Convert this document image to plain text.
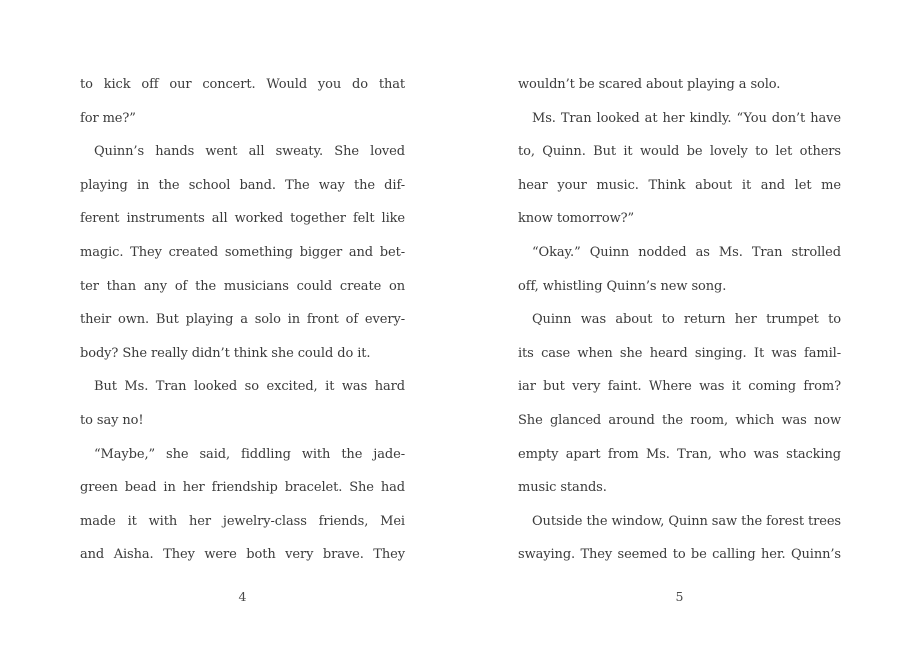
to kick off our concert. Would you do that
for me?”
Quinn’s hands went all sweaty. She loved
playing in the school band. The way the dif-
ferent instruments all worked together felt like
magic. They created something bigger and bet-
ter than any of the musicians could create on
their own. But playing a solo in front of every-
body? She really didn’t think she could do it.
But Ms. Tran looked so excited, it was hard
to say no!
“Maybe,” she said, fiddling with the jade-
green bead in her friendship bracelet. She had
made it with her jewelry-class friends, Mei
and Aisha. They were both very brave. They
wouldn’t be scared about playing a solo.
Ms. Tran looked at her kindly. “You don’t have
to, Quinn. But it would be lovely to let others
hear your music. Think about it and let me
know tomorrow?”
“Okay.” Quinn nodded as Ms. Tran strolled
off, whistling Quinn’s new song.
Quinn was about to return her trumpet to
its case when she heard singing. It was famil-
iar but very faint. Where was it coming from?
She glanced around the room, which was now
empty apart from Ms. Tran, who was stacking
music stands.
Outside the window, Quinn saw the forest trees
swaying. They seemed to be calling her. Quinn’s
4	5
